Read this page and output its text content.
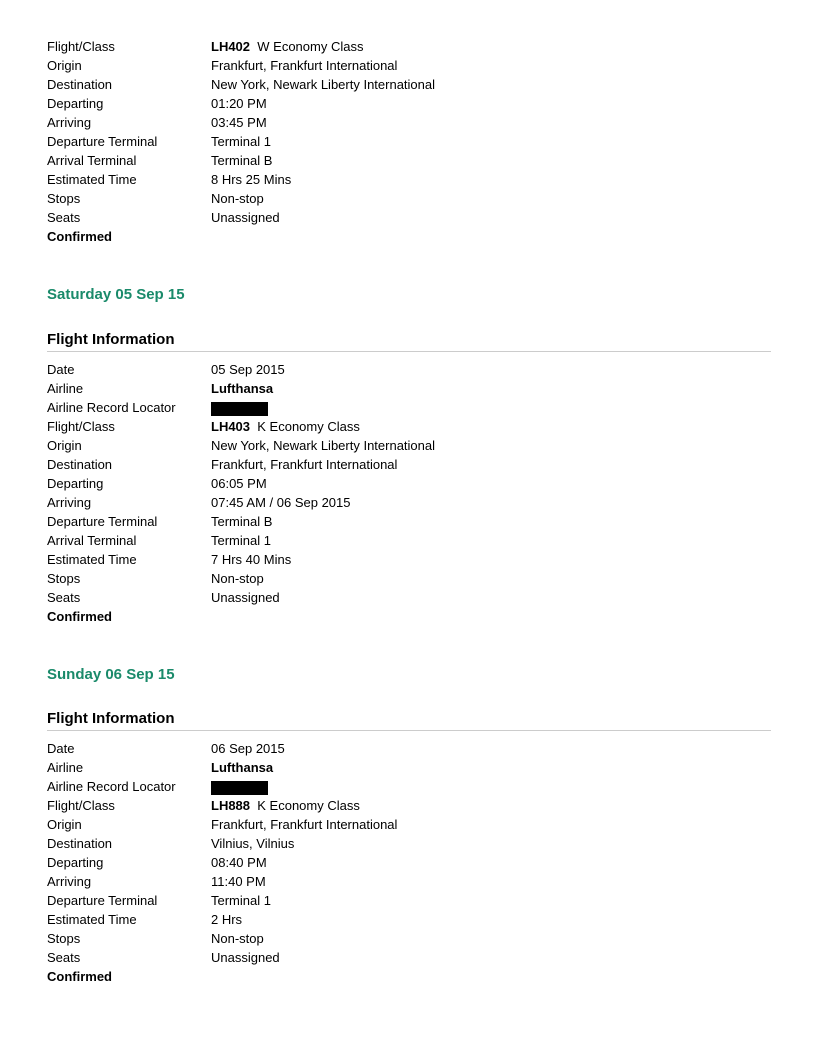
Flight/Class	LH402 W Economy Class
Origin	Frankfurt, Frankfurt International
Destination	New York, Newark Liberty International
Departing	01:20 PM
Arriving	03:45 PM
Departure Terminal	Terminal 1
Arrival Terminal	Terminal B
Estimated Time	8 Hrs 25 Mins
Stops	Non-stop
Seats	Unassigned
Confirmed
Saturday 05 Sep 15
Flight Information
Date	05 Sep 2015
Airline	Lufthansa
Airline Record Locator
Flight/Class	LH403 K Economy Class
Origin	New York, Newark Liberty International
Destination	Frankfurt, Frankfurt International
Departing	06:05 PM
Arriving	07:45 AM / 06 Sep 2015
Departure Terminal	Terminal B
Arrival Terminal	Terminal 1
Estimated Time	7 Hrs 40 Mins
Stops	Non-stop
Seats	Unassigned
Confirmed
Sunday 06 Sep 15
Flight Information
Date	06 Sep 2015
Airline	Lufthansa
Airline Record Locator
Flight/Class	LH888 K Economy Class
Origin	Frankfurt, Frankfurt International
Destination	Vilnius, Vilnius
Departing	08:40 PM
Arriving	11:40 PM
Departure Terminal	Terminal 1
Estimated Time	2 Hrs
Stops	Non-stop
Seats	Unassigned
Confirmed
